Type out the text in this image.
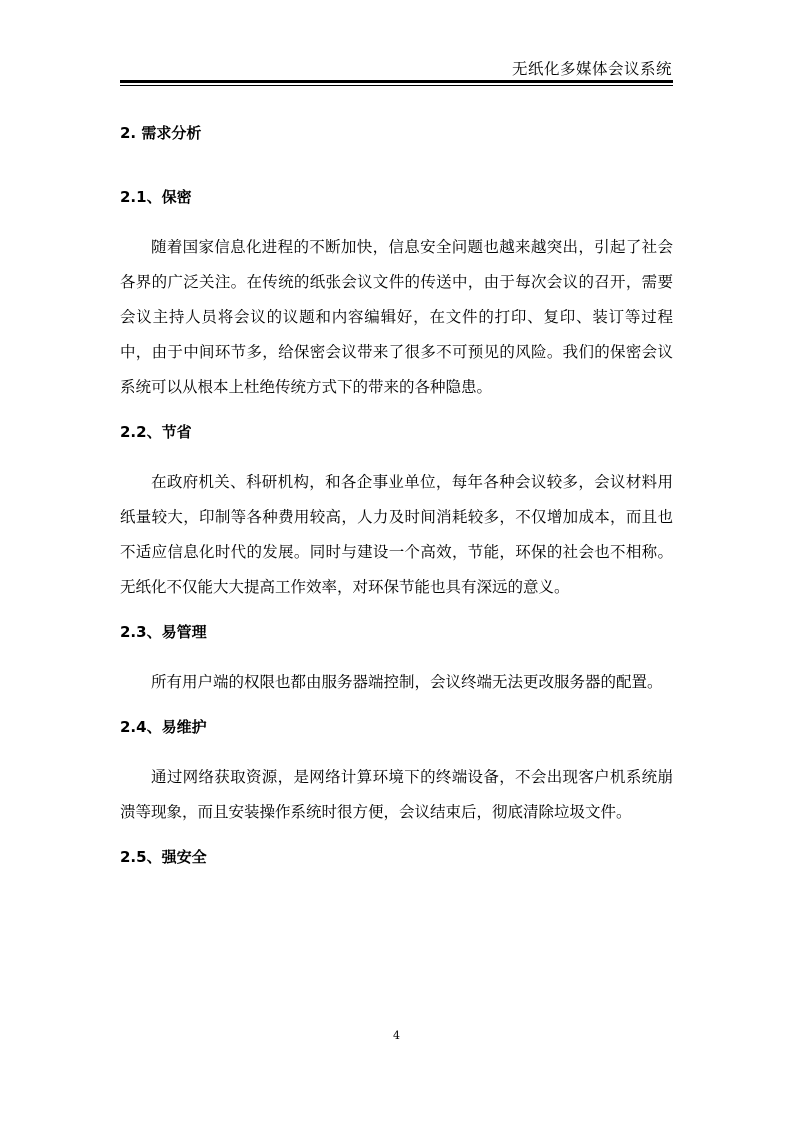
无纸化多媒体会议系统
2. 需求分析
2.1、保密

随着国家信息化进程的不断加快，信息安全问题也越来越突出，引起了社会各界的广泛关注。在传统的纸张会议文件的传送中，由于每次会议的召开，需要会议主持人员将会议的议题和内容编辑好，在文件的打印、复印、装订等过程中，由于中间环节多，给保密会议带来了很多不可预见的风险。我们的保密会议系统可以从根本上杜绝传统方式下的带来的各种隐患。

2.2、节省

在政府机关、科研机构，和各企事业单位，每年各种会议较多，会议材料用纸量较大，印制等各种费用较高，人力及时间消耗较多，不仅增加成本，而且也不适应信息化时代的发展。同时与建设一个高效，节能，环保的社会也不相称。无纸化不仅能大大提高工作效率，对环保节能也具有深远的意义。

2.3、易管理

所有用户端的权限也都由服务器端控制，会议终端无法更改服务器的配置。

2.4、易维护

通过网络获取资源，是网络计算环境下的终端设备，不会出现客户机系统崩溃等现象，而且安装操作系统时很方便，会议结束后，彻底清除垃圾文件。

2.5、强安全
4
